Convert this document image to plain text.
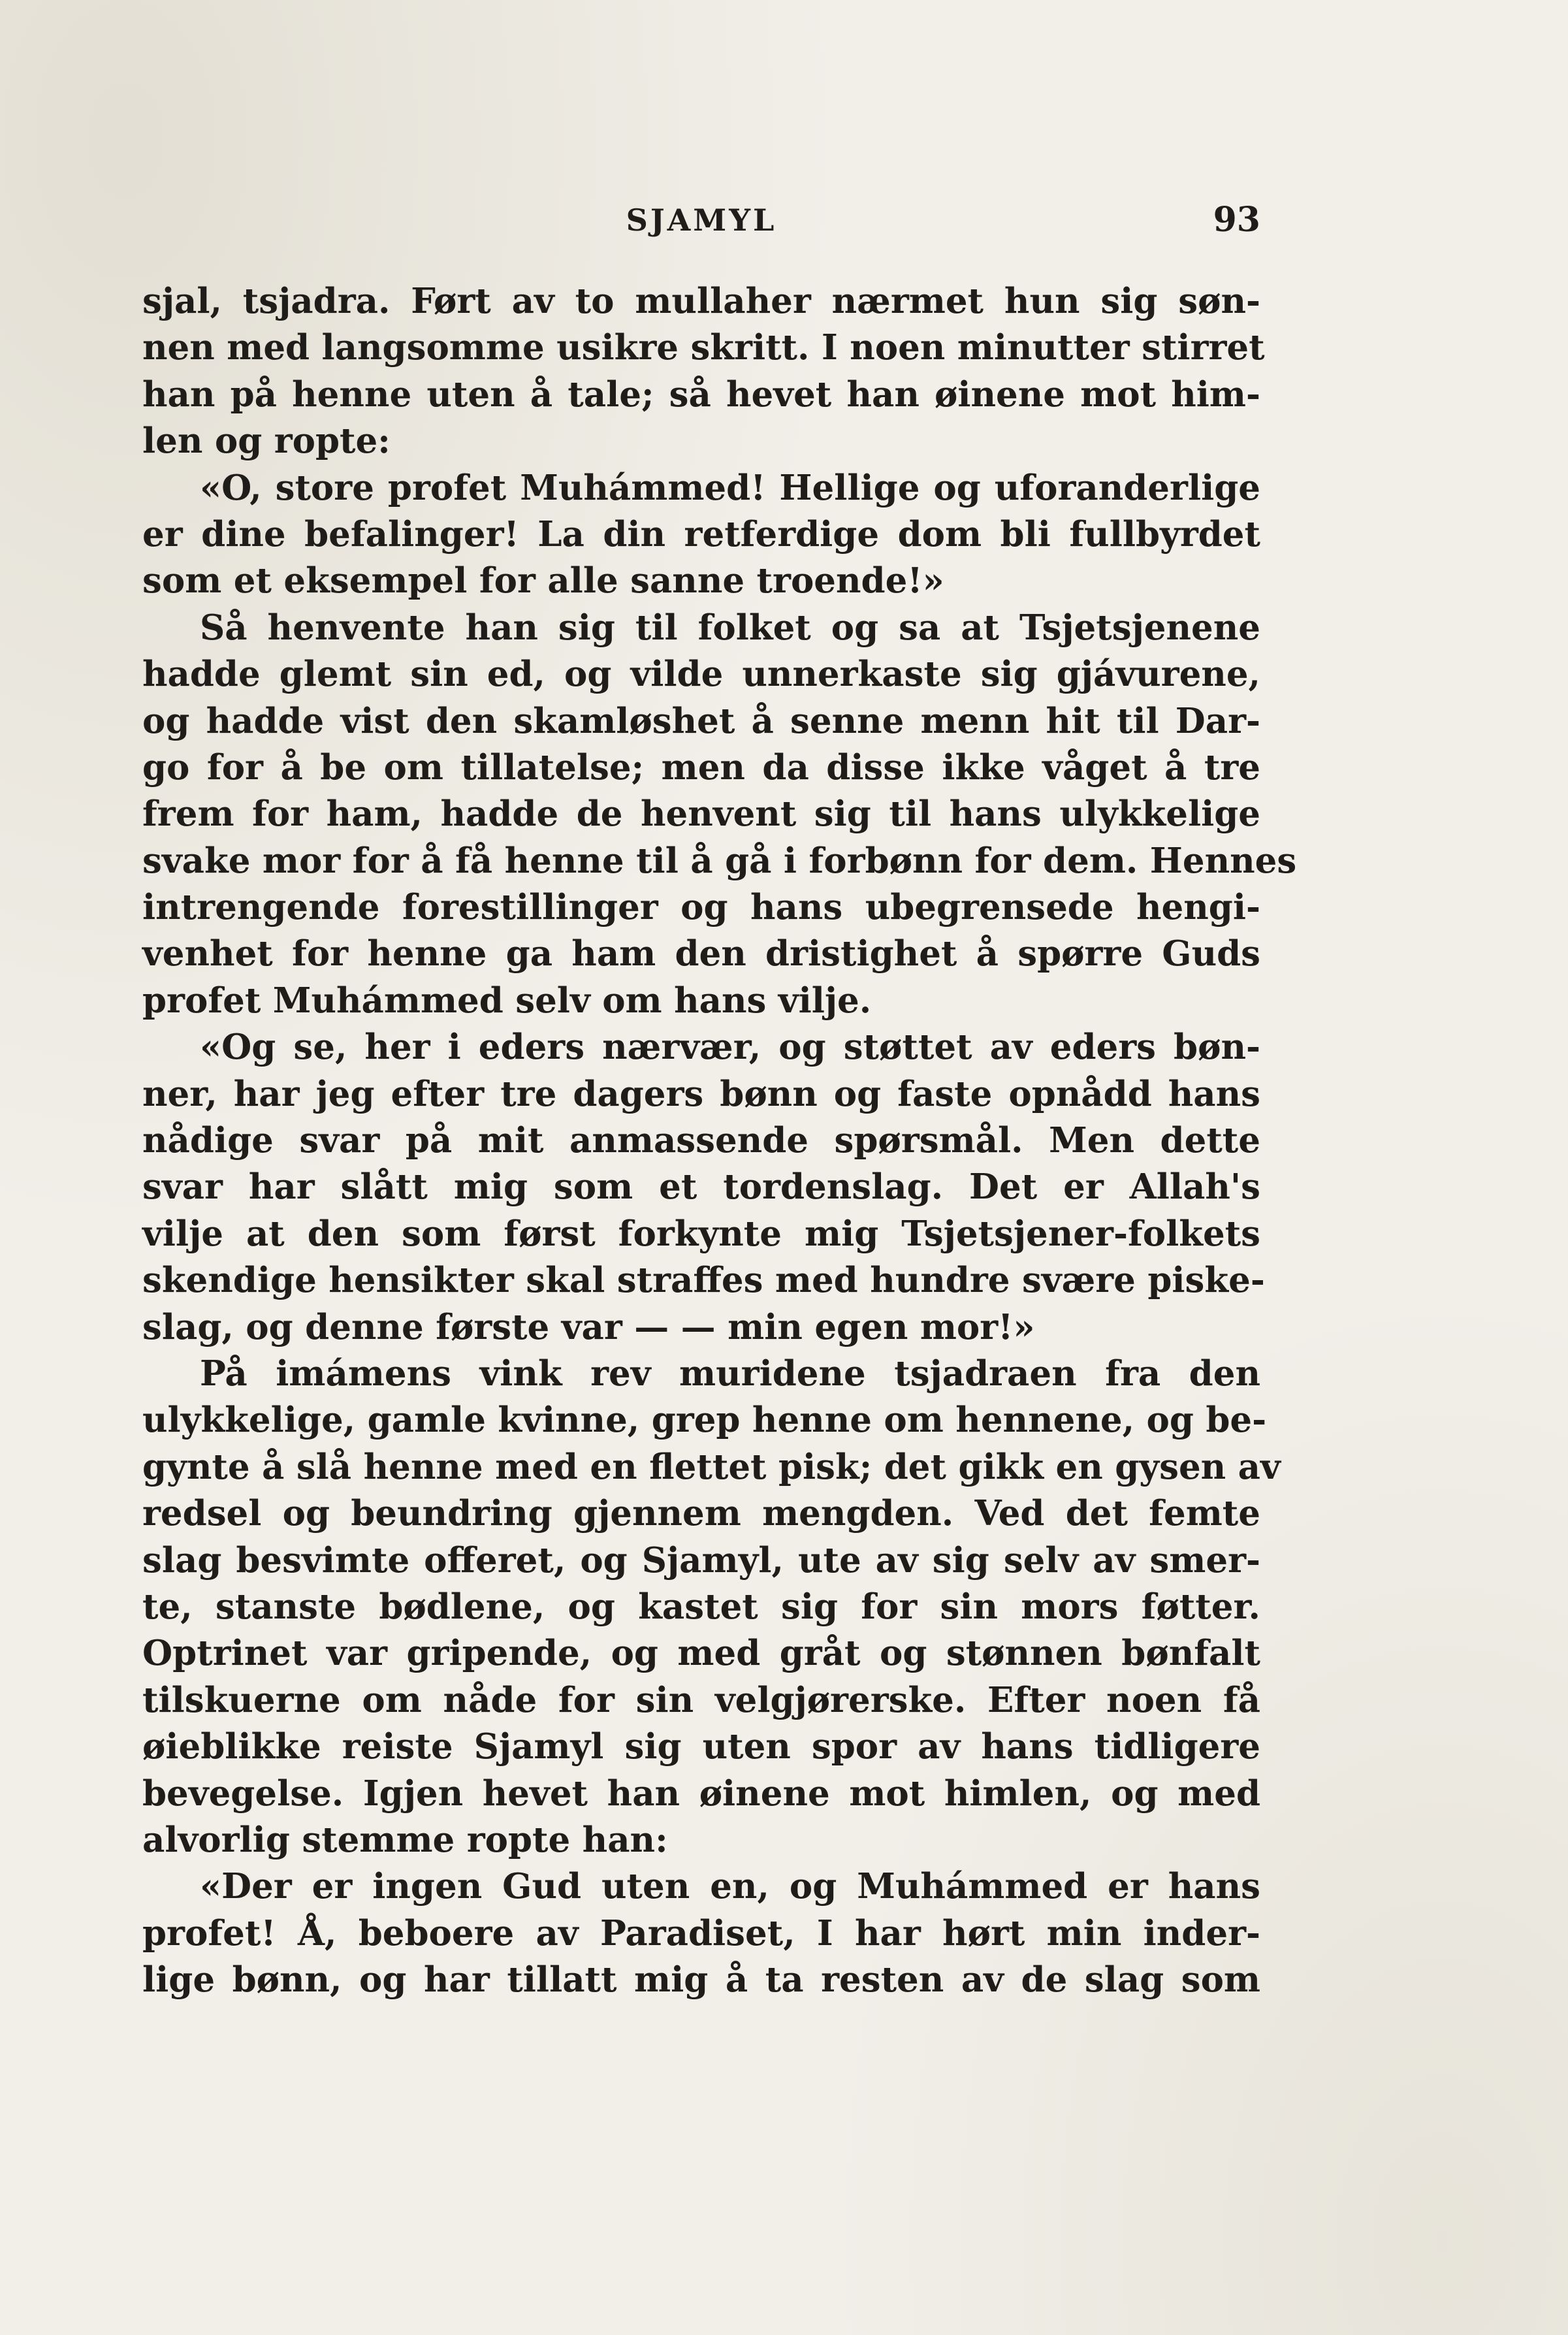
SJAMYL	93
sjal, tsjadra. Ført av to mullaher nærmet hun sig søn-
nen med langsomme usikre skritt. I noen minutter stirret
han på henne uten å tale; så hevet han øinene mot him-
len og ropte:
«O, store profet Muhámmed! Hellige og uforanderlige
er dine befalinger! La din retferdige dom bli fullbyrdet
som et eksempel for alle sanne troende!»
Så henvente han sig til folket og sa at Tsjetsjenene
hadde glemt sin ed, og vilde unnerkaste sig gjávurene,
og hadde vist den skamløshet å senne menn hit til Dar-
go for å be om tillatelse; men da disse ikke våget å tre
frem for ham, hadde de henvent sig til hans ulykkelige
svake mor for å få henne til å gå i forbønn for dem. Hennes
intrengende forestillinger og hans ubegrensede hengi-
venhet for henne ga ham den dristighet å spørre Guds
profet Muhámmed selv om hans vilje.
«Og se, her i eders nærvær, og støttet av eders bøn-
ner, har jeg efter tre dagers bønn og faste opnådd hans
nådige svar på mit anmassende spørsmål. Men dette
svar har slått mig som et tordenslag. Det er Allah's
vilje at den som først forkynte mig Tsjetsjener-folkets
skendige hensikter skal straffes med hundre svære piske-
slag, og denne første var — — min egen mor!»
På imámens vink rev muridene tsjadraen fra den
ulykkelige, gamle kvinne, grep henne om hennene, og be-
gynte å slå henne med en flettet pisk; det gikk en gysen av
redsel og beundring gjennem mengden. Ved det femte
slag besvimte offeret, og Sjamyl, ute av sig selv av smer-
te, stanste bødlene, og kastet sig for sin mors føtter.
Optrinet var gripende, og med gråt og stønnen bønfalt
tilskuerne om nåde for sin velgjørerske. Efter noen få
øieblikke reiste Sjamyl sig uten spor av hans tidligere
bevegelse. Igjen hevet han øinene mot himlen, og med
alvorlig stemme ropte han:
«Der er ingen Gud uten en, og Muhámmed er hans
profet! Å, beboere av Paradiset, I har hørt min inder-
lige bønn, og har tillatt mig å ta resten av de slag som
